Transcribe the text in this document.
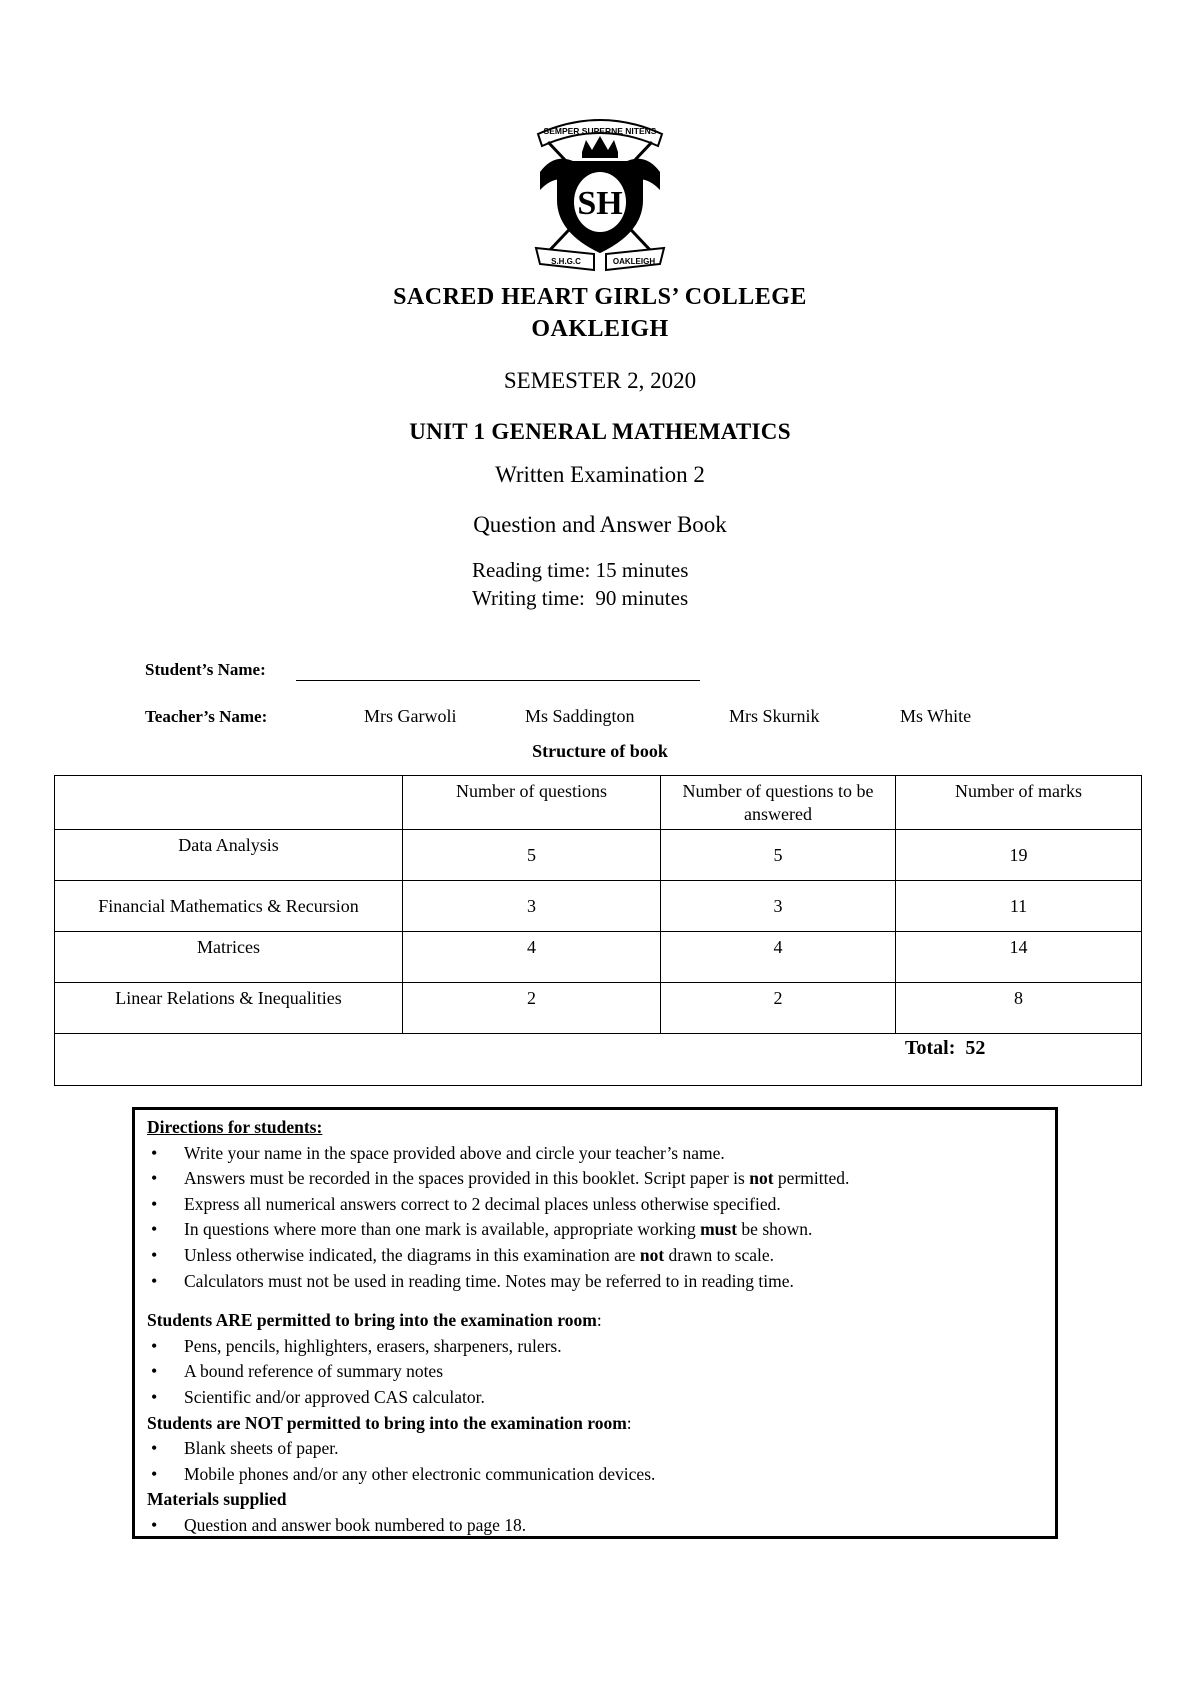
SEMPER SUPERNE NITENS
SH
S.H.G.C	OAKLEIGH
SACRED HEART GIRLS’ COLLEGE
OAKLEIGH
SEMESTER 2, 2020
UNIT 1 GENERAL MATHEMATICS
Written Examination 2
Question and Answer Book
Reading time: 15 minutes
Writing time:  90 minutes
Student’s Name:
Teacher’s Name:	Mrs Garwoli	Ms Saddington	Mrs Skurnik	Ms White
Structure of book
	Number of questions	Number of questions to be answered	Number of marks
Data Analysis	5	5	19
Financial Mathematics & Recursion	3	3	11
Matrices	4	4	14
Linear Relations & Inequalities	2	2	8

Total:  52
Directions for students:
• Write your name in the space provided above and circle your teacher’s name.
• Answers must be recorded in the spaces provided in this booklet. Script paper is not permitted.
• Express all numerical answers correct to 2 decimal places unless otherwise specified.
• In questions where more than one mark is available, appropriate working must be shown.
• Unless otherwise indicated, the diagrams in this examination are not drawn to scale.
• Calculators must not be used in reading time. Notes may be referred to in reading time.
Students ARE permitted to bring into the examination room:
• Pens, pencils, highlighters, erasers, sharpeners, rulers.
• A bound reference of summary notes
• Scientific and/or approved CAS calculator.
Students are NOT permitted to bring into the examination room:
• Blank sheets of paper.
• Mobile phones and/or any other electronic communication devices.
Materials supplied
• Question and answer book numbered to page 18.
